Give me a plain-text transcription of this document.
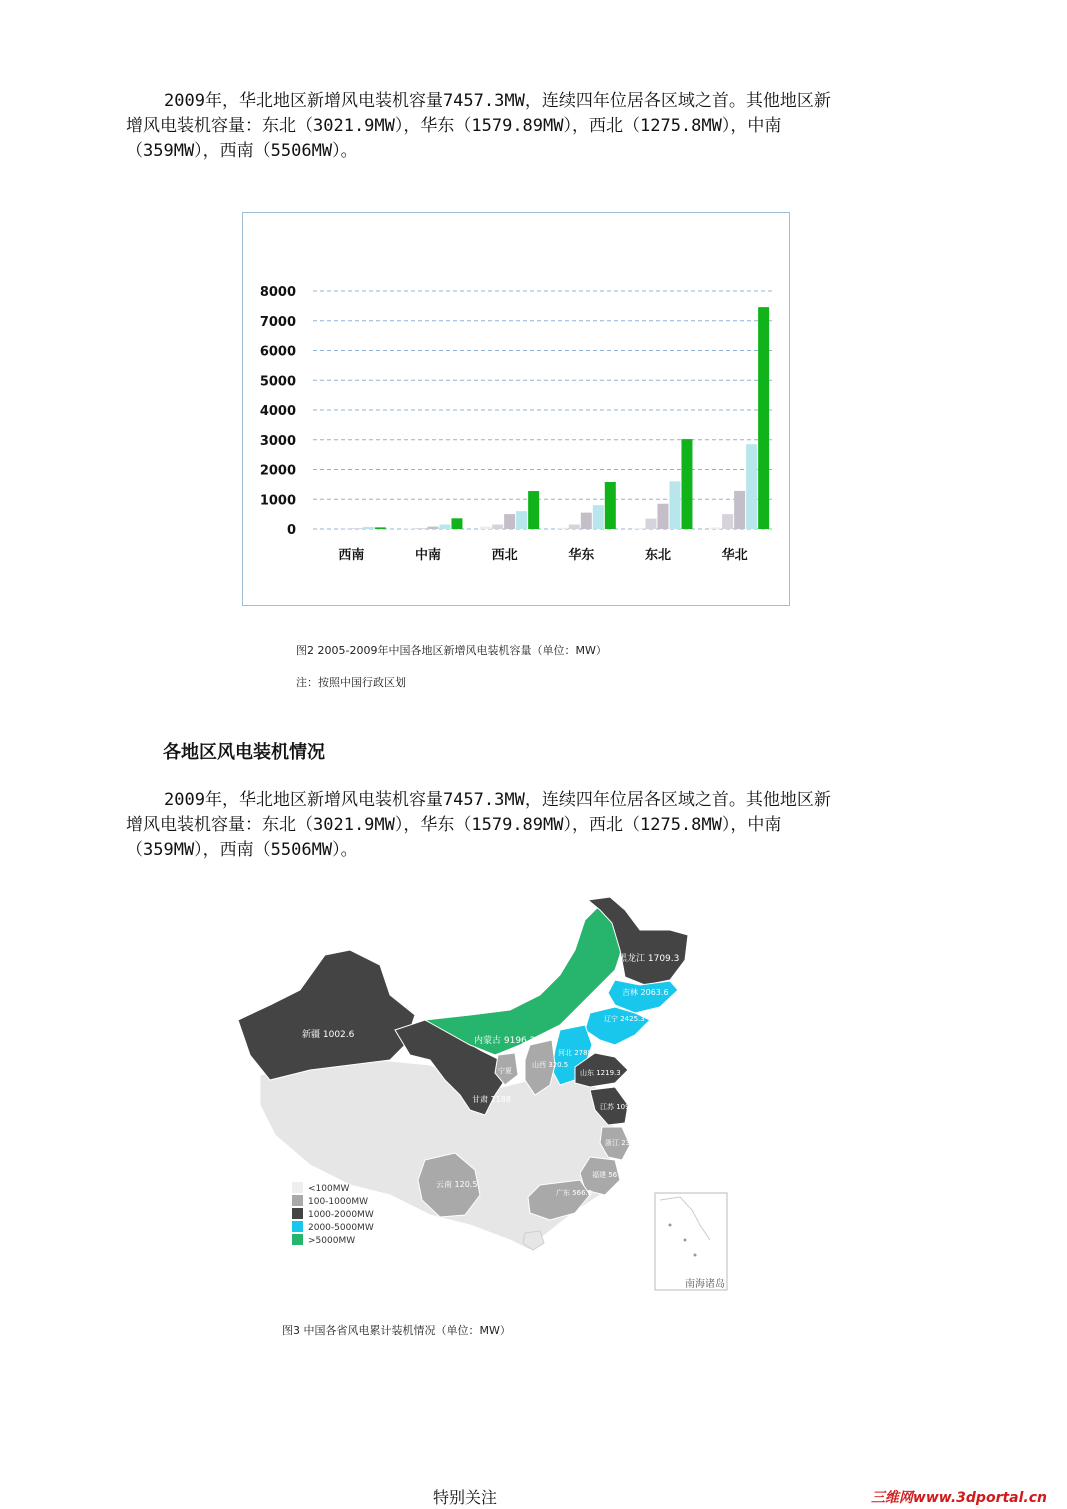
2009年，华北地区新增风电装机容量7457.3MW，连续四年位居各区域之首。其他地区新
增风电装机容量：东北（3021.9MW），华东（1579.89MW），西北（1275.8MW），中南
（359MW），西南（5506MW）。
0
1000
2000
3000
4000
5000
6000
7000
8000
西南	中南	西北	华东	东北	华北
图2 2005-2009年中国各地区新增风电装机容量（单位：MW）
注：按照中国行政区划
各地区风电装机情况
2009年，华北地区新增风电装机容量7457.3MW，连续四年位居各区域之首。其他地区新
增风电装机容量：东北（3021.9MW），华东（1579.89MW），西北（1275.8MW），中南
（359MW），西南（5506MW）。
黑龙江 1709.3
吉林 2063.6
辽宁 2425.3
内蒙古 9196.2
新疆 1002.6
甘肃 1188
宁夏
山西 320.5
河北 2788
山东 1219.3
江苏 1097
浙江 234.2
福建 567.3
广东 566.3
云南 120.5
<100MW
100-1000MW
1000-2000MW
2000-5000MW
>5000MW
南海诸岛
图3 中国各省风电累计装机情况（单位：MW）
特别关注	三维网www.3dportal.cn
